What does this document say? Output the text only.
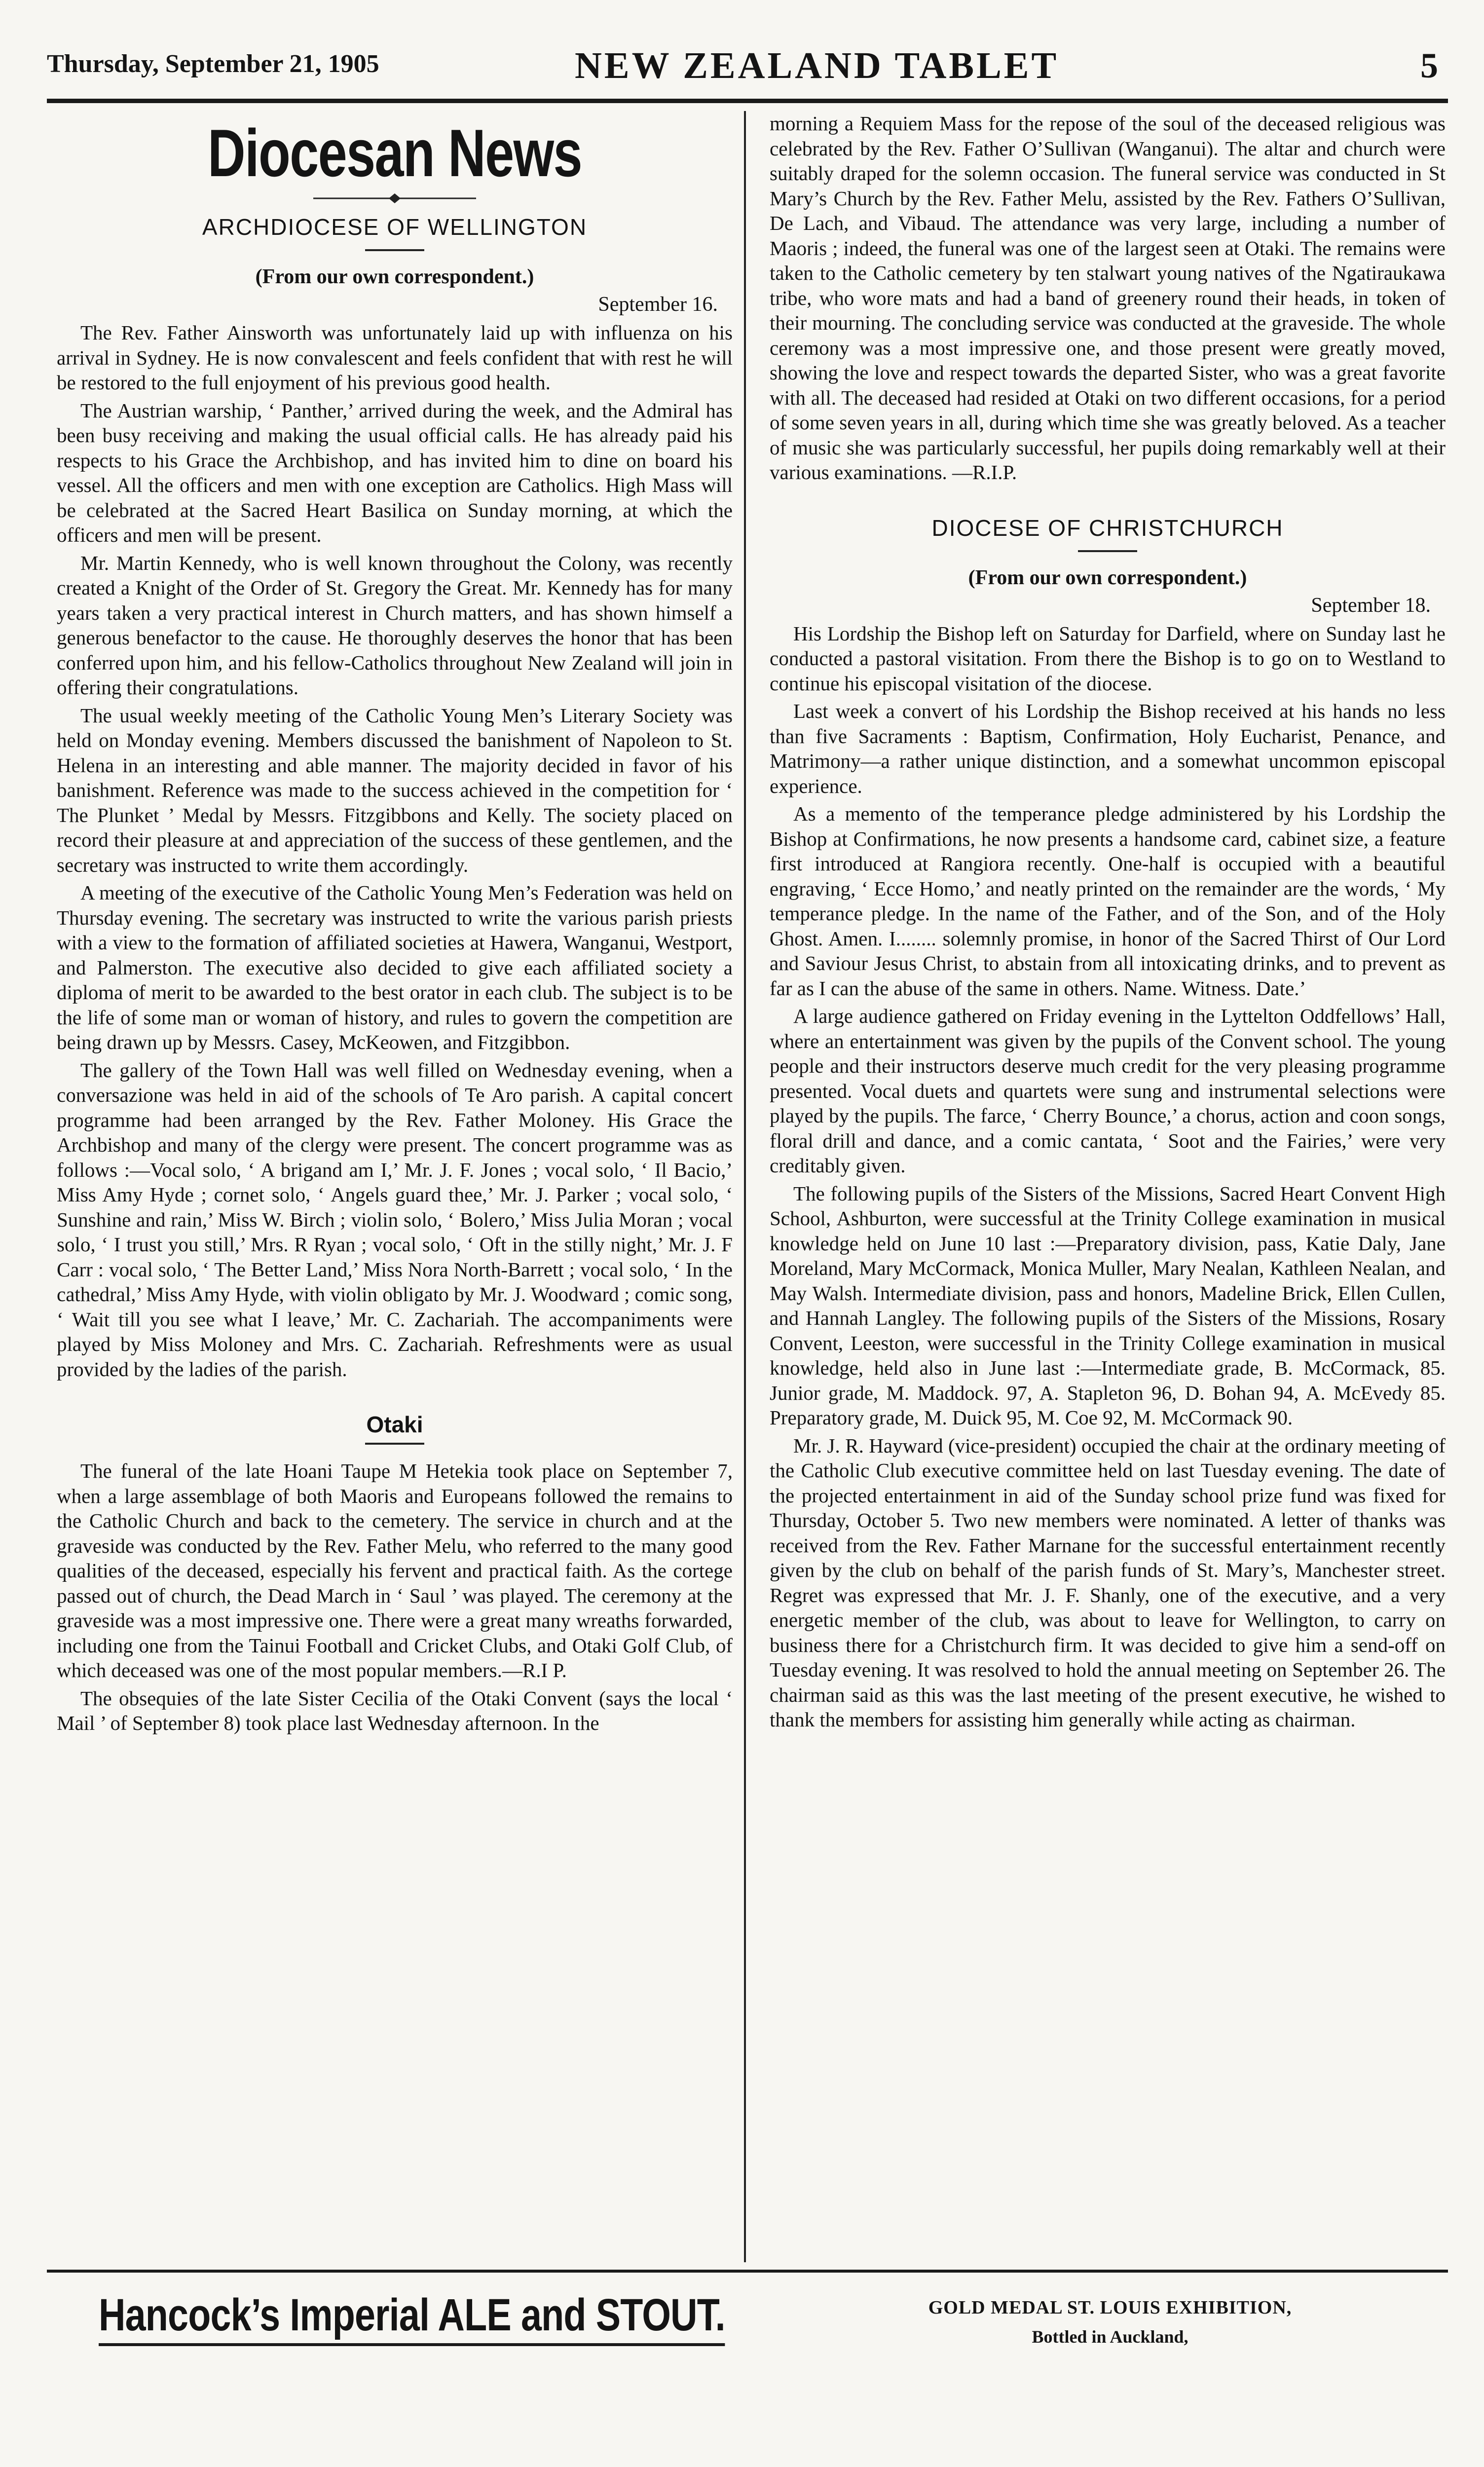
Thursday, September 21, 1905	NEW ZEALAND TABLET	5
Diocesan News
ARCHDIOCESE OF WELLINGTON
(From our own correspondent.)
September 16.

The Rev. Father Ainsworth was unfortunately laid up with influenza on his arrival in Sydney. He is now convalescent and feels confident that with rest he will be restored to the full enjoyment of his previous good health.

The Austrian warship, ‘ Panther,’ arrived during the week, and the Admiral has been busy receiving and making the usual official calls. He has already paid his respects to his Grace the Archbishop, and has invited him to dine on board his vessel. All the officers and men with one exception are Catholics. High Mass will be celebrated at the Sacred Heart Basilica on Sunday morning, at which the officers and men will be present.

Mr. Martin Kennedy, who is well known throughout the Colony, was recently created a Knight of the Order of St. Gregory the Great. Mr. Kennedy has for many years taken a very practical interest in Church matters, and has shown himself a generous benefactor to the cause. He thoroughly deserves the honor that has been conferred upon him, and his fellow-Catholics throughout New Zealand will join in offering their congratulations.

The usual weekly meeting of the Catholic Young Men’s Literary Society was held on Monday evening. Members discussed the banishment of Napoleon to St. Helena in an interesting and able manner. The majority decided in favor of his banishment. Reference was made to the success achieved in the competition for ‘ The Plunket ’ Medal by Messrs. Fitzgibbons and Kelly. The society placed on record their pleasure at and appreciation of the success of these gentlemen, and the secretary was instructed to write them accordingly.

A meeting of the executive of the Catholic Young Men’s Federation was held on Thursday evening. The secretary was instructed to write the various parish priests with a view to the formation of affiliated societies at Hawera, Wanganui, Westport, and Palmerston. The executive also decided to give each affiliated society a diploma of merit to be awarded to the best orator in each club. The subject is to be the life of some man or woman of history, and rules to govern the competition are being drawn up by Messrs. Casey, McKeowen, and Fitzgibbon.

The gallery of the Town Hall was well filled on Wednesday evening, when a conversazione was held in aid of the schools of Te Aro parish. A capital concert programme had been arranged by the Rev. Father Moloney. His Grace the Archbishop and many of the clergy were present. The concert programme was as follows :—Vocal solo, ‘ A brigand am I,’ Mr. J. F. Jones ; vocal solo, ‘ Il Bacio,’ Miss Amy Hyde ; cornet solo, ‘ Angels guard thee,’ Mr. J. Parker ; vocal solo, ‘ Sunshine and rain,’ Miss W. Birch ; violin solo, ‘ Bolero,’ Miss Julia Moran ; vocal solo, ‘ I trust you still,’ Mrs. R Ryan ; vocal solo, ‘ Oft in the stilly night,’ Mr. J. F Carr : vocal solo, ‘ The Better Land,’ Miss Nora North-Barrett ; vocal solo, ‘ In the cathedral,’ Miss Amy Hyde, with violin obligato by Mr. J. Woodward ; comic song, ‘ Wait till you see what I leave,’ Mr. C. Zachariah. The accompaniments were played by Miss Moloney and Mrs. C. Zachariah. Refreshments were as usual provided by the ladies of the parish.

Otaki

The funeral of the late Hoani Taupe M Hetekia took place on September 7, when a large assemblage of both Maoris and Europeans followed the remains to the Catholic Church and back to the cemetery. The service in church and at the graveside was conducted by the Rev. Father Melu, who referred to the many good qualities of the deceased, especially his fervent and practical faith. As the cortege passed out of church, the Dead March in ‘ Saul ’ was played. The ceremony at the graveside was a most impressive one. There were a great many wreaths forwarded, including one from the Tainui Football and Cricket Clubs, and Otaki Golf Club, of which deceased was one of the most popular members.—R.I P.

The obsequies of the late Sister Cecilia of the Otaki Convent (says the local ‘ Mail ’ of September 8) took place last Wednesday afternoon. In the

morning a Requiem Mass for the repose of the soul of the deceased religious was celebrated by the Rev. Father O’Sullivan (Wanganui). The altar and church were suitably draped for the solemn occasion. The funeral service was conducted in St Mary’s Church by the Rev. Father Melu, assisted by the Rev. Fathers O’Sullivan, De Lach, and Vibaud. The attendance was very large, including a number of Maoris ; indeed, the funeral was one of the largest seen at Otaki. The remains were taken to the Catholic cemetery by ten stalwart young natives of the Ngatiraukawa tribe, who wore mats and had a band of greenery round their heads, in token of their mourning. The concluding service was conducted at the graveside. The whole ceremony was a most impressive one, and those present were greatly moved, showing the love and respect towards the departed Sister, who was a great favorite with all. The deceased had resided at Otaki on two different occasions, for a period of some seven years in all, during which time she was greatly beloved. As a teacher of music she was particularly successful, her pupils doing remarkably well at their various examinations. —R.I.P.

DIOCESE OF CHRISTCHURCH
(From our own correspondent.)
September 18.

His Lordship the Bishop left on Saturday for Darfield, where on Sunday last he conducted a pastoral visitation. From there the Bishop is to go on to Westland to continue his episcopal visitation of the diocese.

Last week a convert of his Lordship the Bishop received at his hands no less than five Sacraments : Baptism, Confirmation, Holy Eucharist, Penance, and Matrimony—a rather unique distinction, and a somewhat uncommon episcopal experience.

As a memento of the temperance pledge administered by his Lordship the Bishop at Confirmations, he now presents a handsome card, cabinet size, a feature first introduced at Rangiora recently. One-half is occupied with a beautiful engraving, ‘ Ecce Homo,’ and neatly printed on the remainder are the words, ‘ My temperance pledge. In the name of the Father, and of the Son, and of the Holy Ghost. Amen. I........ solemnly promise, in honor of the Sacred Thirst of Our Lord and Saviour Jesus Christ, to abstain from all intoxicating drinks, and to prevent as far as I can the abuse of the same in others. Name. Witness. Date.’

A large audience gathered on Friday evening in the Lyttelton Oddfellows’ Hall, where an entertainment was given by the pupils of the Convent school. The young people and their instructors deserve much credit for the very pleasing programme presented. Vocal duets and quartets were sung and instrumental selections were played by the pupils. The farce, ‘ Cherry Bounce,’ a chorus, action and coon songs, floral drill and dance, and a comic cantata, ‘ Soot and the Fairies,’ were very creditably given.

The following pupils of the Sisters of the Missions, Sacred Heart Convent High School, Ashburton, were successful at the Trinity College examination in musical knowledge held on June 10 last :—Preparatory division, pass, Katie Daly, Jane Moreland, Mary McCormack, Monica Muller, Mary Nealan, Kathleen Nealan, and May Walsh. Intermediate division, pass and honors, Madeline Brick, Ellen Cullen, and Hannah Langley. The following pupils of the Sisters of the Missions, Rosary Convent, Leeston, were successful in the Trinity College examination in musical knowledge, held also in June last :—Intermediate grade, B. McCormack, 85. Junior grade, M. Maddock. 97, A. Stapleton 96, D. Bohan 94, A. McEvedy 85. Preparatory grade, M. Duick 95, M. Coe 92, M. McCormack 90.

Mr. J. R. Hayward (vice-president) occupied the chair at the ordinary meeting of the Catholic Club executive committee held on last Tuesday evening. The date of the projected entertainment in aid of the Sunday school prize fund was fixed for Thursday, October 5. Two new members were nominated. A letter of thanks was received from the Rev. Father Marnane for the successful entertainment recently given by the club on behalf of the parish funds of St. Mary’s, Manchester street. Regret was expressed that Mr. J. F. Shanly, one of the executive, and a very energetic member of the club, was about to leave for Wellington, to carry on business there for a Christchurch firm. It was decided to give him a send-off on Tuesday evening. It was resolved to hold the annual meeting on September 26. The chairman said as this was the last meeting of the present executive, he wished to thank the members for assisting him generally while acting as chairman.

Hancock’s Imperial ALE and STOUT.	GOLD MEDAL ST. LOUIS EXHIBITION,
Bottled in Auckland,
